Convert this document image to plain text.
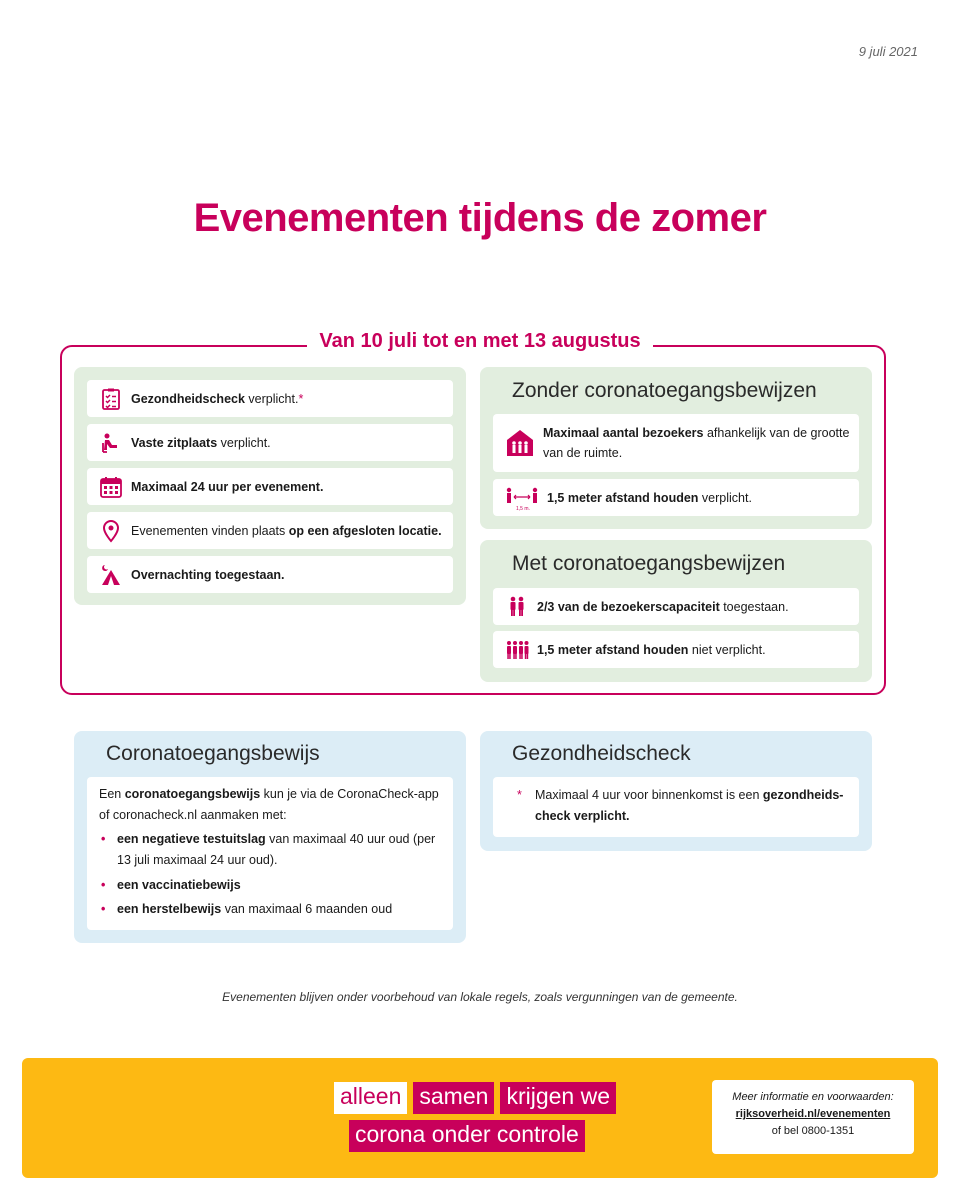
9 juli 2021
Evenementen tijdens de zomer
Van 10 juli tot en met 13 augustus
Gezondheidscheck verplicht.*
Vaste zitplaats verplicht.
Maximaal 24 uur per evenement.
Evenementen vinden plaats op een afgesloten locatie.
Overnachting toegestaan.
Zonder coronatoegangsbewijzen
Maximaal aantal bezoekers afhankelijk van de grootte van de ruimte.
1,5 m.
1,5 meter afstand houden verplicht.
Met coronatoegangsbewijzen
2/3 van de bezoekerscapaciteit toegestaan.
1,5 meter afstand houden niet verplicht.
Coronatoegangsbewijs

Een coronatoegangsbewijs kun je via de CoronaCheck-app of coronacheck.nl aanmaken met:

• een negatieve testuitslag van maximaal 40 uur oud (per 13 juli maximaal 24 uur oud).
• een vaccinatiebewijs
• een herstelbewijs van maximaal 6 maanden oud
Gezondheidscheck
* Maximaal 4 uur voor binnenkomst is een gezondheids-check verplicht.
Evenementen blijven onder voorbehoud van lokale regels, zoals vergunningen van de gemeente.
alleen samen krijgen we
corona onder controle
Meer informatie en voorwaarden:
rijksoverheid.nl/evenementen
of bel 0800-1351
